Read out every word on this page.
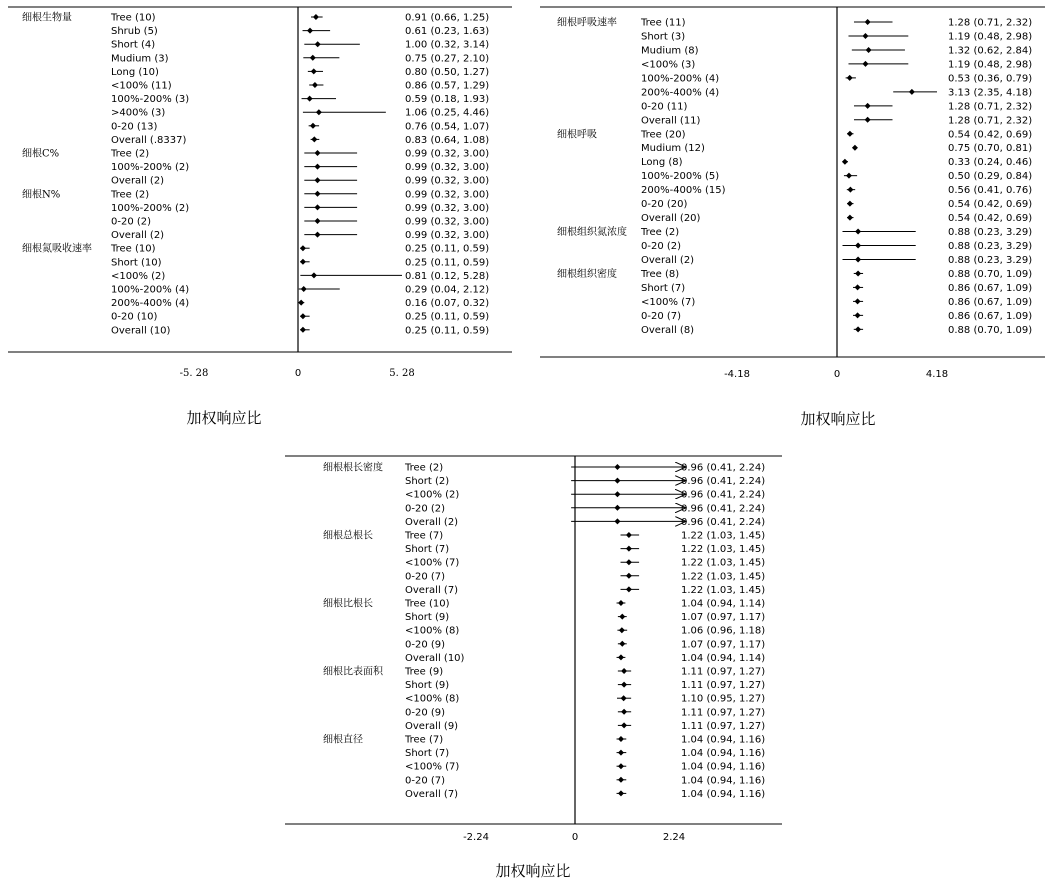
-5. 28	0	5. 28
加权响应比
细根生物量	Tree (10)	0.91 (0.66, 1.25)
Shrub (5)	0.61 (0.23, 1.63)
Short (4)	1.00 (0.32, 3.14)
Mudium (3)	0.75 (0.27, 2.10)
Long (10)	0.80 (0.50, 1.27)
<100% (11)	0.86 (0.57, 1.29)
100%-200% (3)	0.59 (0.18, 1.93)
>400% (3)	1.06 (0.25, 4.46)
0-20 (13)	0.76 (0.54, 1.07)
Overall (.8337)	0.83 (0.64, 1.08)
细根C%	Tree (2)	0.99 (0.32, 3.00)
100%-200% (2)	0.99 (0.32, 3.00)
Overall (2)	0.99 (0.32, 3.00)
细根N%	Tree (2)	0.99 (0.32, 3.00)
100%-200% (2)	0.99 (0.32, 3.00)
0-20 (2)	0.99 (0.32, 3.00)
Overall (2)	0.99 (0.32, 3.00)
细根氮吸收速率 Tree (10)	0.25 (0.11, 0.59)
Short (10)	0.25 (0.11, 0.59)
<100% (2)	0.81 (0.12, 5.28)
100%-200% (4)	0.29 (0.04, 2.12)
200%-400% (4)	0.16 (0.07, 0.32)
0-20 (10)	0.25 (0.11, 0.59)
Overall (10)	0.25 (0.11, 0.59)
-4.18	0	4.18
加权响应比
细根呼吸速率 Tree (11)	1.28 (0.71, 2.32)
Short (3)	1.19 (0.48, 2.98)
Mudium (8)	1.32 (0.62, 2.84)
<100% (3)	1.19 (0.48, 2.98)
100%-200% (4)	0.53 (0.36, 0.79)
200%-400% (4)	3.13 (2.35, 4.18)
0-20 (11)	1.28 (0.71, 2.32)
Overall (11)	1.28 (0.71, 2.32)
细根呼吸	Tree (20)	0.54 (0.42, 0.69)
Mudium (12)	0.75 (0.70, 0.81)
Long (8)	0.33 (0.24, 0.46)
100%-200% (5)	0.50 (0.29, 0.84)
200%-400% (15)	0.56 (0.41, 0.76)
0-20 (20)	0.54 (0.42, 0.69)
Overall (20)	0.54 (0.42, 0.69)
细根组织氮浓度 Tree (2)	0.88 (0.23, 3.29)
0-20 (2)	0.88 (0.23, 3.29)
Overall (2)	0.88 (0.23, 3.29)
细根组织密度 Tree (8)	0.88 (0.70, 1.09)
Short (7)	0.86 (0.67, 1.09)
<100% (7)	0.86 (0.67, 1.09)
0-20 (7)	0.86 (0.67, 1.09)
Overall (8)	0.88 (0.70, 1.09)
-2.24	0	2.24
加权响应比
细根根长密度 Tree (2)	0.96 (0.41, 2.24)
Short (2)	0.96 (0.41, 2.24)
<100% (2)	0.96 (0.41, 2.24)
0-20 (2)	0.96 (0.41, 2.24)
Overall (2)	0.96 (0.41, 2.24)
细根总根长	Tree (7)	1.22 (1.03, 1.45)
Short (7)	1.22 (1.03, 1.45)
<100% (7)	1.22 (1.03, 1.45)
0-20 (7)	1.22 (1.03, 1.45)
Overall (7)	1.22 (1.03, 1.45)
细根比根长	Tree (10)	1.04 (0.94, 1.14)
Short (9)	1.07 (0.97, 1.17)
<100% (8)	1.06 (0.96, 1.18)
0-20 (9)	1.07 (0.97, 1.17)
Overall (10)	1.04 (0.94, 1.14)
细根比表面积 Tree (9)	1.11 (0.97, 1.27)
Short (9)	1.11 (0.97, 1.27)
<100% (8)	1.10 (0.95, 1.27)
0-20 (9)	1.11 (0.97, 1.27)
Overall (9)	1.11 (0.97, 1.27)
细根直径	Tree (7)	1.04 (0.94, 1.16)
Short (7)	1.04 (0.94, 1.16)
<100% (7)	1.04 (0.94, 1.16)
0-20 (7)	1.04 (0.94, 1.16)
Overall (7)	1.04 (0.94, 1.16)
